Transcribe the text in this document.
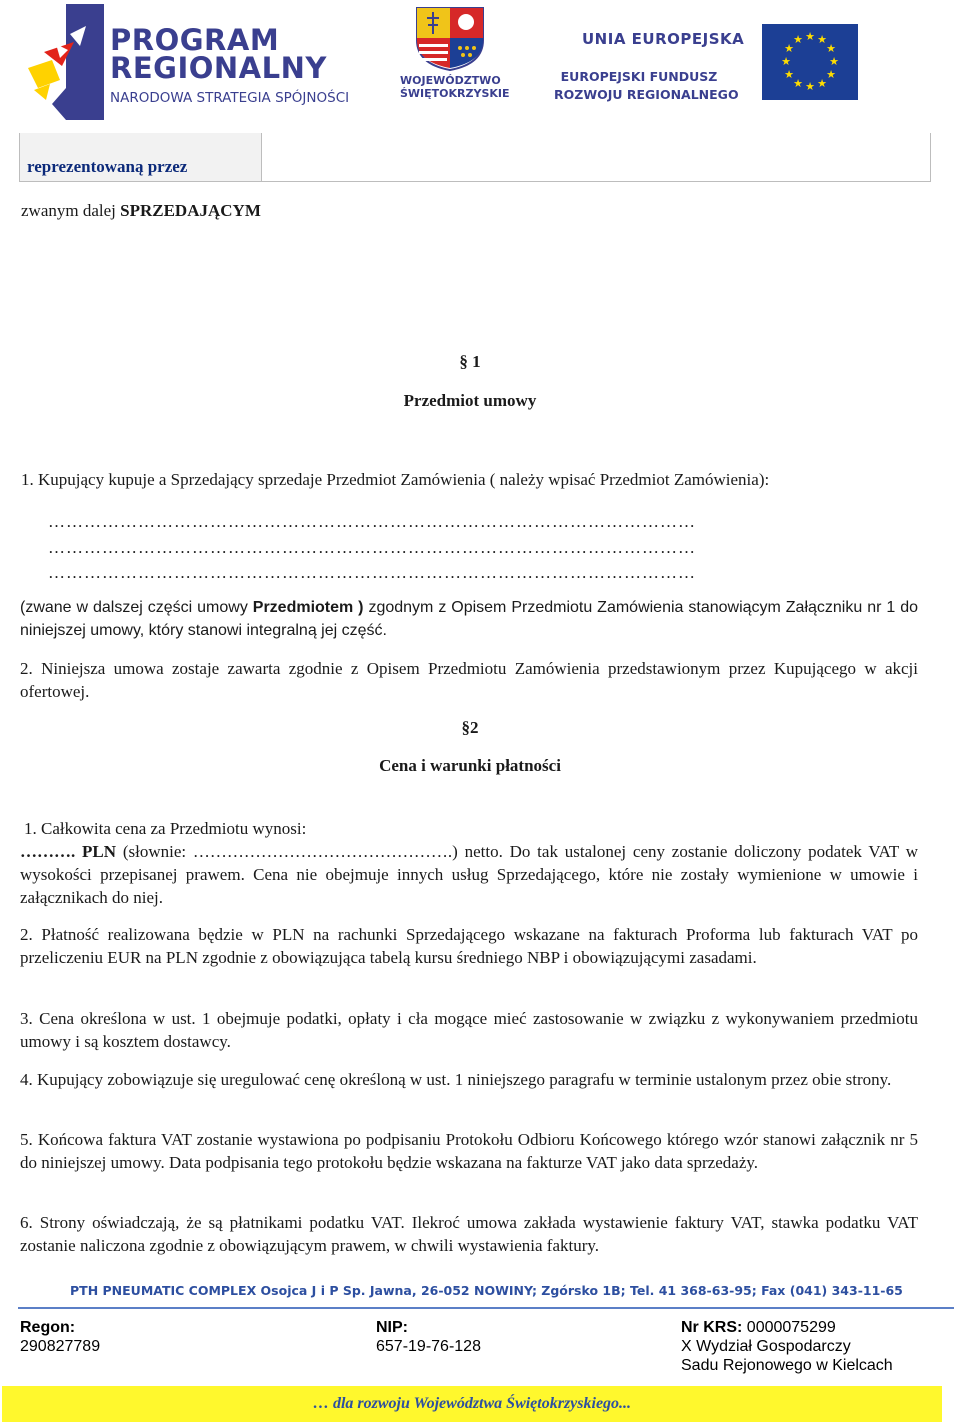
PROGRAM
REGIONALNY
NARODOWA STRATEGIA SPÓJNOŚCI
WOJEWÓDZTWO
ŚWIĘTOKRZYSKIE
UNIA EUROPEJSKA
EUROPEJSKI FUNDUSZ
ROZWOJU REGIONALNEGO
★ ★
★
★
★
★
★
★
★
★
★
★
reprezentowaną przez
zwanym dalej SPRZEDAJĄCYM
§ 1
Przedmiot umowy
1. Kupujący kupuje a Sprzedający sprzedaje Przedmiot Zamówienia ( należy wpisać Przedmiot Zamówienia):
………………………………………………………………………………………………
………………………………………………………………………………………………
………………………………………………………………………………………………
(zwane w dalszej części umowy Przedmiotem ) zgodnym z Opisem Przedmiotu Zamówienia stanowiącym Załączniku nr 1 do niniejszej umowy, który stanowi integralną jej część.
2. Niniejsza umowa zostaje zawarta zgodnie z Opisem Przedmiotu Zamówienia przedstawionym przez Kupującego w akcji ofertowej.
§2
Cena i warunki płatności
1. Całkowita cena za Przedmiotu wynosi:
………. PLN (słownie: ……………………………………….) netto. Do tak ustalonej ceny zostanie doliczony podatek VAT w wysokości przepisanej prawem. Cena nie obejmuje innych usług Sprzedającego, które nie zostały wymienione w umowie i załącznikach do niej.
2. Płatność realizowana będzie w PLN na rachunki Sprzedającego wskazane na fakturach Proforma lub fakturach VAT po przeliczeniu EUR na PLN zgodnie z obowiązująca tabelą kursu średniego NBP i obowiązującymi zasadami.
3. Cena określona w ust. 1 obejmuje podatki, opłaty i cła mogące mieć zastosowanie w związku z wykonywaniem przedmiotu umowy i są kosztem dostawcy.
4. Kupujący zobowiązuje się uregulować cenę określoną w ust. 1 niniejszego paragrafu w terminie ustalonym przez obie strony.
5. Końcowa faktura VAT zostanie wystawiona po podpisaniu Protokołu Odbioru Końcowego którego wzór stanowi załącznik nr 5 do niniejszej umowy. Data podpisania tego protokołu będzie wskazana na fakturze VAT jako data sprzedaży.
6. Strony oświadczają, że są płatnikami podatku VAT. Ilekroć umowa zakłada wystawienie faktury VAT, stawka podatku VAT zostanie naliczona zgodnie z obowiązującym prawem, w chwili wystawienia faktury.
PTH PNEUMATIC COMPLEX Osojca J i P Sp. Jawna, 26-052 NOWINY; Zgórsko 1B; Tel. 41 368-63-95; Fax (041) 343-11-65
Regon:
290827789
NIP:
657-19-76-128
Nr KRS: 0000075299
X Wydział Gospodarczy
Sadu Rejonowego w Kielcach
… dla rozwoju Województwa Świętokrzyskiego...
